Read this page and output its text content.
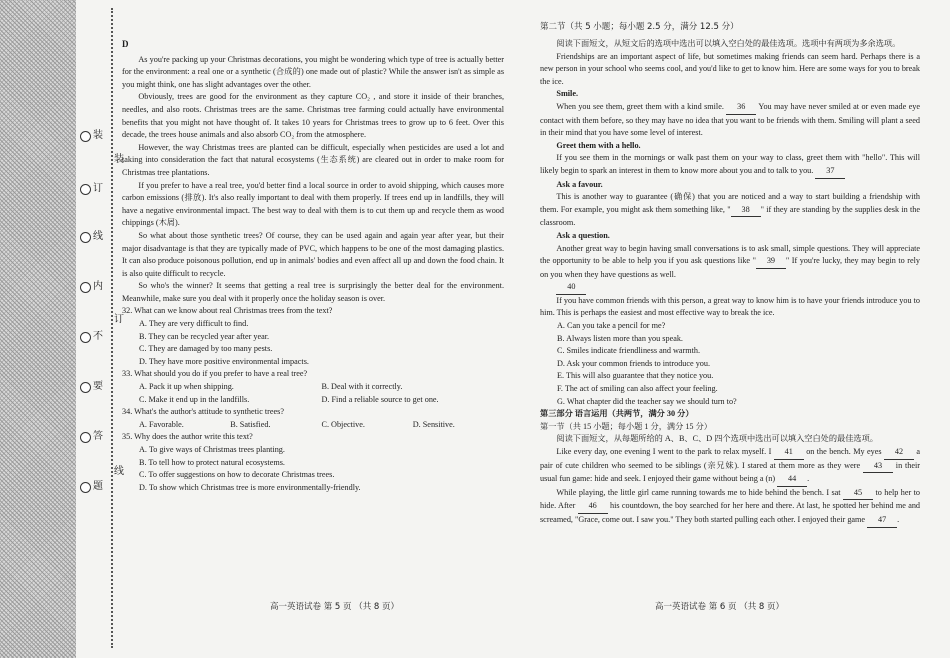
装
订
线
内
不
要
答
题
装
订
线

D

As you're packing up your Christmas decorations, you might be wondering which type of tree is actually better for the environment: a real one or a synthetic (合成的) one made out of plastic? While the answer isn't as simple as you might think, one has slight advantages over the other.

Obviously, trees are good for the environment as they capture CO₂ , and store it inside of their branches, needles, and also roots. Christmas trees are the same. Christmas tree farming could actually have environmental benefits that you might not have thought of. It takes 10 years for Christmas trees to grow up to 6 feet. Over this decade, the trees house animals and also absorb CO₂ from the atmosphere.

However, the way Christmas trees are planted can be difficult, especially when pesticides are used a lot and taking into consideration the fact that natural ecosystems (生态系统) are cleared out in order to make room for Christmas tree plantations.

If you prefer to have a real tree, you'd better find a local source in order to avoid shipping, which causes more carbon emissions (排放). It's also really important to deal with them properly. If trees end up in landfills, they will have a negative environmental impact. The best way to deal with them is to cut them up and recycle them as wood chippings (木屑).

So what about those synthetic trees? Of course, they can be used again and again year after year, but their major disadvantage is that they are typically made of PVC, which happens to be one of the most damaging plastics. It can also produce poisonous pollution, end up in animals' bodies and even affect all up and down the food chain. It is also quite difficult to recycle.

So who's the winner? It seems that getting a real tree is surprisingly the better deal for the environment. Meanwhile, make sure you deal with it properly once the holiday season is over.

32. What can we know about real Christmas trees from the text?

A. They are very difficult to find.

B. They can be recycled year after year.

C. They are damaged by too many pests.

D. They have more positive environmental impacts.

33. What should you do if you prefer to have a real tree?

A. Pack it up when shipping.	B. Deal with it correctly.
C. Make it end up in the landfills.	D. Find a reliable source to get one.

34. What's the author's attitude to synthetic trees?

A. Favorable.	B. Satisfied.	C. Objective.	D. Sensitive.

35. Why does the author write this text?

A. To give ways of Christmas trees planting.

B. To tell how to protect natural ecosystems.

C. To offer suggestions on how to decorate Christmas trees.

D. To show which Christmas tree is more environmentally-friendly.

高一英语试卷 第 5 页 （共 8 页）
第二节（共 5 小题；每小题 2.5 分，满分 12.5 分）

阅读下面短文，从短文后的选项中选出可以填入空白处的最佳选项。选项中有两项为多余选项。

Friendships are an important aspect of life, but sometimes making friends can seem hard. Perhaps there is a new person in your school who seems cool, and you'd like to get to know him. Here are some ways for you to break the ice.

Smile.

When you see them, greet them with a kind smile. 36 You may have never smiled at or even made eye contact with them before, so they may have no idea that you want to be friends with them. Smiling will plant a seed in their mind that you have some level of interest.

Greet them with a hello.

If you see them in the mornings or walk past them on your way to class, greet them with "hello". This will likely begin to spark an interest in them to know more about you and to talk to you. 37

Ask a favour.

This is another way to guarantee (确保) that you are noticed and a way to start building a friendship with them. For example, you might ask them something like, " 38 " if they are standing by the supplies desk in the classroom.

Ask a question.

Another great way to begin having small conversations is to ask small, simple questions. They will appreciate the opportunity to be able to help you if you ask questions like " 39 " If you're lucky, they may begin to rely on you when they have questions as well.

40

If you have common friends with this person, a great way to know him is to have your friends introduce you to him. This is perhaps the easiest and most effective way to break the ice.

A. Can you take a pencil for me?

B. Always listen more than you speak.

C. Smiles indicate friendliness and warmth.

D. Ask your common friends to introduce you.

E. This will also guarantee that they notice you.

F. The act of smiling can also affect your feeling.

G. What chapter did the teacher say we should turn to?

第三部分 语言运用（共两节，满分 30 分）

第一节（共 15 小题；每小题 1 分，满分 15 分）

阅读下面短文，从每题所给的 A、B、C、D 四个选项中选出可以填入空白处的最佳选项。

Like every day, one evening I went to the park to relax myself. I 41 on the bench. My eyes 42 a pair of cute children who seemed to be siblings (亲兄妹). I stared at them more as they were 43 in their usual fun game: hide and seek. I enjoyed their game without being a (n) 44 .

While playing, the little girl came running towards me to hide behind the bench. I sat 45 to help her to hide. After 46 his countdown, the boy searched for her here and there. At last, he spotted her behind me and screamed, "Grace, come out. I saw you." They both started pulling each other. I enjoyed their game 47 .

高一英语试卷 第 6 页 （共 8 页）
